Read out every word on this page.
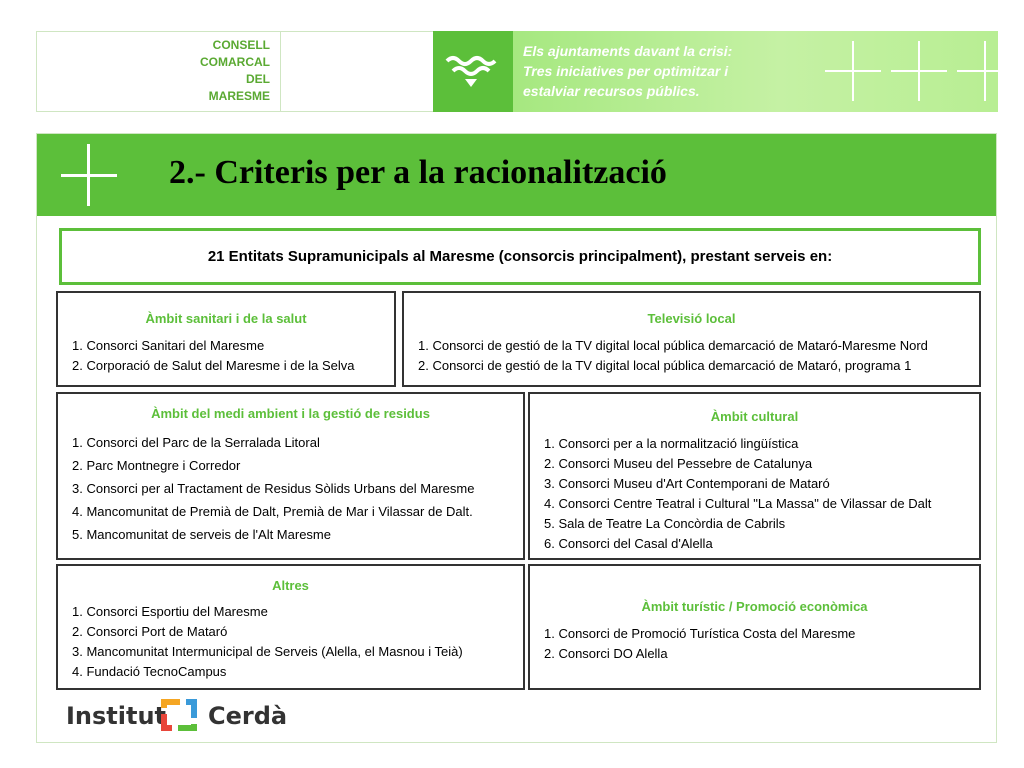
CONSELL
COMARCAL
DEL
MARESME
Els ajuntaments davant la crisi:
Tres iniciatives per optimitzar i
estalviar recursos públics.
2.- Criteris per a la racionalització
21 Entitats Supramunicipals al Maresme (consorcis principalment), prestant serveis en:
Àmbit sanitari i de la salut
1. Consorci Sanitari del Maresme
2. Corporació de Salut del Maresme i de la Selva
Televisió local
1. Consorci de gestió de la TV digital local pública demarcació de Mataró-Maresme Nord
2. Consorci de gestió de la TV digital local pública demarcació de Mataró, programa 1
Àmbit del medi ambient i la gestió de residus
1. Consorci del Parc de la Serralada Litoral
2. Parc Montnegre i Corredor
3. Consorci per al Tractament de Residus Sòlids Urbans del Maresme
4. Mancomunitat de Premià de Dalt, Premià de Mar i Vilassar de Dalt.
5. Mancomunitat de serveis de l'Alt Maresme
Àmbit cultural
1. Consorci per a la normalització lingüística
2. Consorci Museu del Pessebre de Catalunya
3. Consorci Museu d'Art Contemporani de Mataró
4. Consorci Centre Teatral i Cultural "La Massa" de Vilassar de Dalt
5. Sala de Teatre La Concòrdia de Cabrils
6. Consorci del Casal d'Alella
Altres
1. Consorci Esportiu del Maresme
2. Consorci Port de Mataró
3. Mancomunitat Intermunicipal de Serveis (Alella, el Masnou i Teià)
4. Fundació TecnoCampus
Àmbit turístic / Promoció econòmica
1. Consorci de Promoció Turística Costa del Maresme
2. Consorci DO Alella
Institut Cerdà
